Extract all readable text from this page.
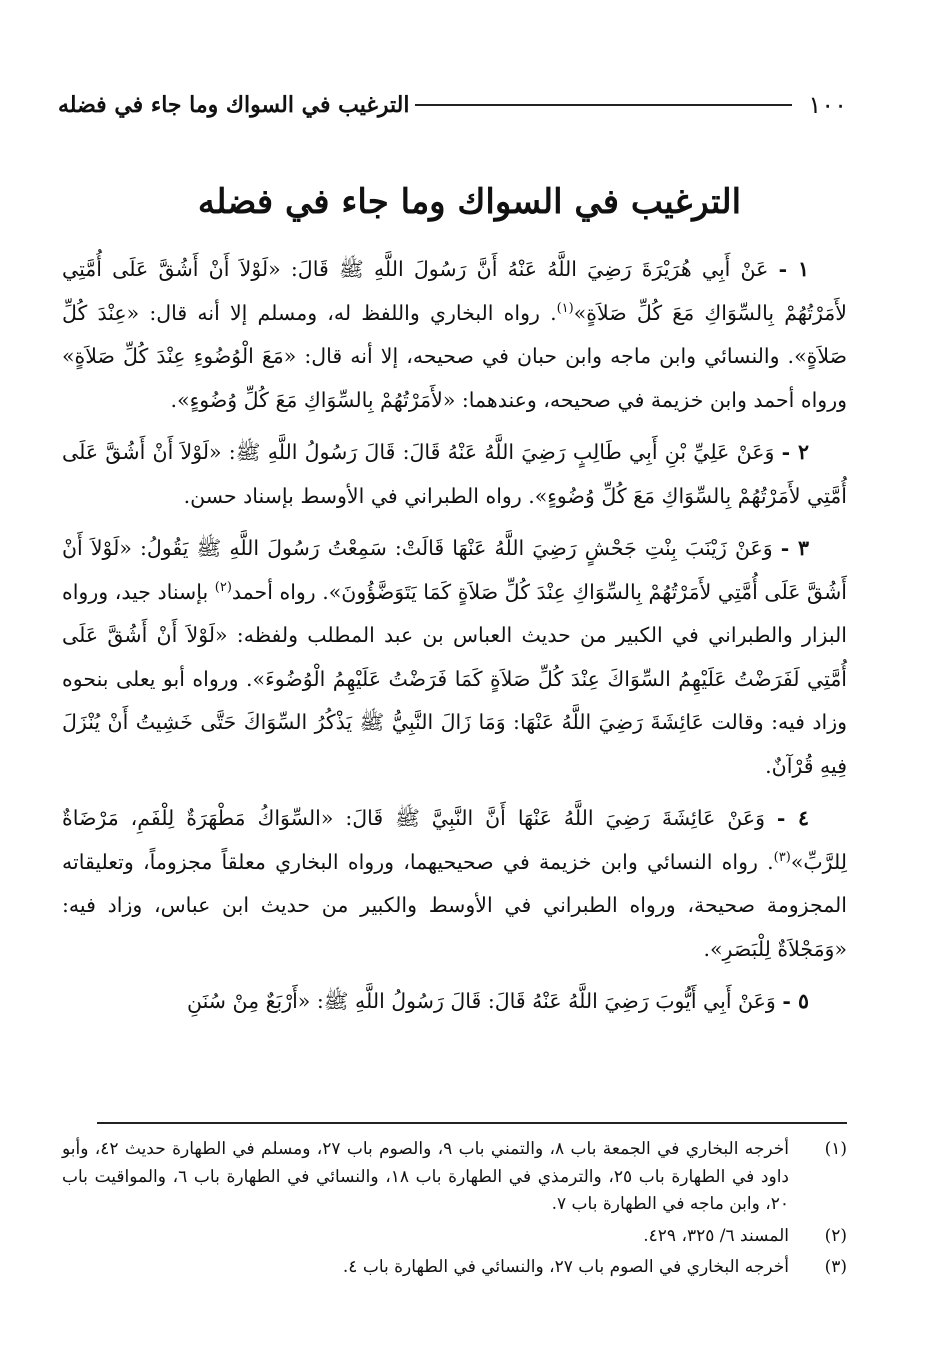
١٠٠
الترغيب في السواك وما جاء في فضله
الترغيب في السواك وما جاء في فضله

١ - عَنْ أَبِي هُرَيْرَةَ رَضِيَ اللَّهُ عَنْهُ أَنَّ رَسُولَ اللَّهِ ﷺ قَالَ: «لَوْلاَ أَنْ أَشُقَّ عَلَى أُمَّتِي لأَمَرْتُهُمْ بِالسِّوَاكِ مَعَ كُلِّ صَلاَةٍ»$^{(١)}$. رواه البخاري واللفظ له، ومسلم إلا أنه قال: «عِنْدَ كُلِّ صَلاَةٍ». والنسائي وابن ماجه وابن حبان في صحيحه، إلا أنه قال: «مَعَ الْوُضُوءِ عِنْدَ كُلِّ صَلاَةٍ» ورواه أحمد وابن خزيمة في صحيحه، وعندهما: «لأَمَرْتُهُمْ بِالسِّوَاكِ مَعَ كُلِّ وُضُوءٍ».

٢ - وَعَنْ عَلِيِّ بْنِ أَبِي طَالِبٍ رَضِيَ اللَّهُ عَنْهُ قَالَ: قَالَ رَسُولُ اللَّهِ ﷺ: «لَوْلاَ أَنْ أَشُقَّ عَلَى أُمَّتِي لأَمَرْتُهُمْ بِالسِّوَاكِ مَعَ كُلِّ وُضُوءٍ». رواه الطبراني في الأوسط بإسناد حسن.

٣ - وَعَنْ زَيْنَبَ بِنْتِ جَحْشٍ رَضِيَ اللَّهُ عَنْهَا قَالَتْ: سَمِعْتُ رَسُولَ اللَّهِ ﷺ يَقُولُ: «لَوْلاَ أَنْ أَشُقَّ عَلَى أُمَّتِي لأَمَرْتُهُمْ بِالسِّوَاكِ عِنْدَ كُلِّ صَلاَةٍ كَمَا يَتَوَضَّؤُونَ». رواه أحمد$^{(٢)}$ بإسناد جيد، ورواه البزار والطبراني في الكبير من حديث العباس بن عبد المطلب ولفظه: «لَوْلاَ أَنْ أَشُقَّ عَلَى أُمَّتِي لَفَرَضْتُ عَلَيْهِمُ السِّوَاكَ عِنْدَ كُلِّ صَلاَةٍ كَمَا فَرَضْتُ عَلَيْهِمُ الْوُضُوءَ». ورواه أبو يعلى بنحوه وزاد فيه: وقالت عَائِشَةَ رَضِيَ اللَّهُ عَنْهَا: وَمَا زَالَ النَّبِيُّ ﷺ يَذْكُرُ السِّوَاكَ حَتَّى خَشِيتُ أَنْ يُنْزَلَ فِيهِ قُرْآنٌ.

٤ - وَعَنْ عَائِشَةَ رَضِيَ اللَّهُ عَنْهَا أَنَّ النَّبِيَّ ﷺ قَالَ: «السِّوَاكُ مَطْهَرَةٌ لِلْفَمِ، مَرْضَاةٌ لِلرَّبِّ»$^{(٣)}$. رواه النسائي وابن خزيمة في صحيحيهما، ورواه البخاري معلقاً مجزوماً، وتعليقاته المجزومة صحيحة، ورواه الطبراني في الأوسط والكبير من حديث ابن عباس، وزاد فيه: «وَمَجْلاَةٌ لِلْبَصَرِ».

٥ - وَعَنْ أَبِي أَيُّوبَ رَضِيَ اللَّهُ عَنْهُ قَالَ: قَالَ رَسُولُ اللَّهِ ﷺ: «أَرْبَعٌ مِنْ سُنَنِ

(١)
أخرجه البخاري في الجمعة باب ٨، والتمني باب ٩، والصوم باب ٢٧، ومسلم في الطهارة حديث ٤٢، وأبو داود في الطهارة باب ٢٥، والترمذي في الطهارة باب ١٨، والنسائي في الطهارة باب ٦، والمواقيت باب ٢٠، وابن ماجه في الطهارة باب ٧.
(٢)
المسند ٦/ ٣٢٥، ٤٢٩.
(٣)
أخرجه البخاري في الصوم باب ٢٧، والنسائي في الطهارة باب ٤.
